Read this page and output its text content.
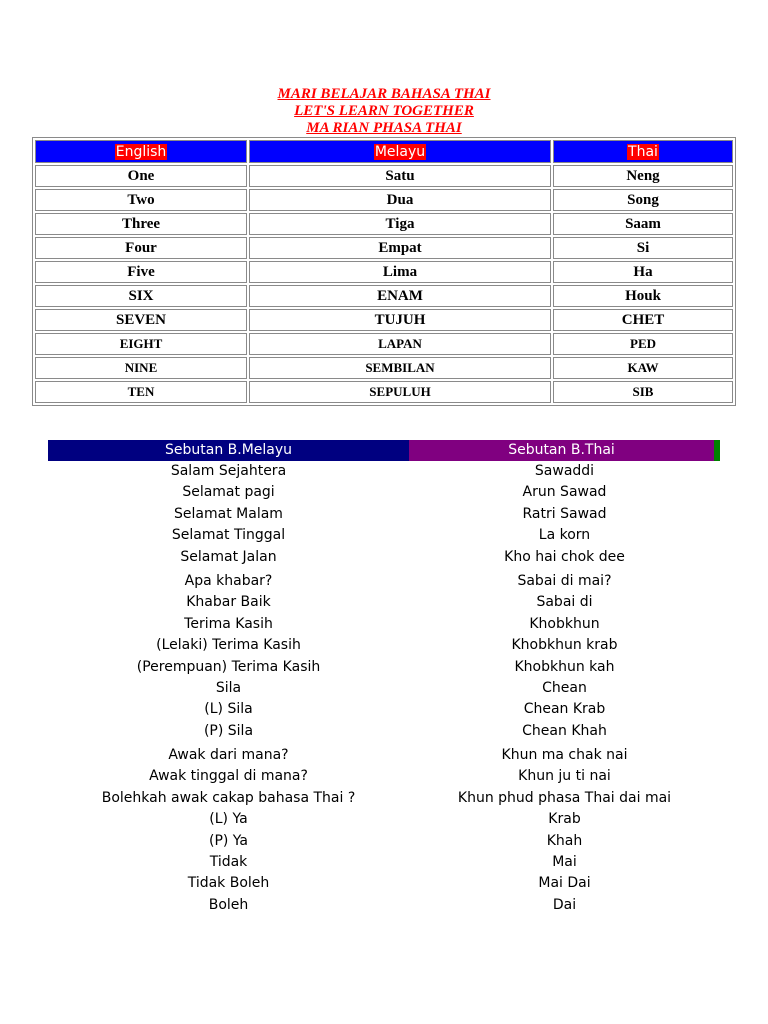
MARI BELAJAR BAHASA THAI
LET'S LEARN TOGETHER
MA RIAN PHASA THAI
English	Melayu	Thai
One	Satu	Neng
Two	Dua	Song
Three	Tiga	Saam
Four	Empat	Si
Five	Lima	Ha
SIX	ENAM	Houk
SEVEN	TUJUH	CHET
EIGHT	LAPAN	PED
NINE	SEMBILAN	KAW
TEN	SEPULUH	SIB
Sebutan B.Melayu	Sebutan B.Thai
Salam Sejahtera	Sawaddi
Selamat pagi	Arun Sawad
Selamat Malam	Ratri Sawad
Selamat Tinggal	La korn
Selamat Jalan	Kho hai chok dee
Apa khabar?	Sabai di mai?
Khabar Baik	Sabai di
Terima Kasih	Khobkhun
(Lelaki) Terima Kasih	Khobkhun krab
(Perempuan) Terima Kasih	Khobkhun kah
Sila	Chean
(L) Sila	Chean Krab
(P) Sila	Chean Khah
Awak dari mana?	Khun ma chak nai
Awak tinggal di mana?	Khun ju ti nai
Bolehkah awak cakap bahasa Thai ?	Khun phud phasa Thai dai mai
(L) Ya	Krab
(P) Ya	Khah
Tidak	Mai
Tidak Boleh	Mai Dai
Boleh	Dai
